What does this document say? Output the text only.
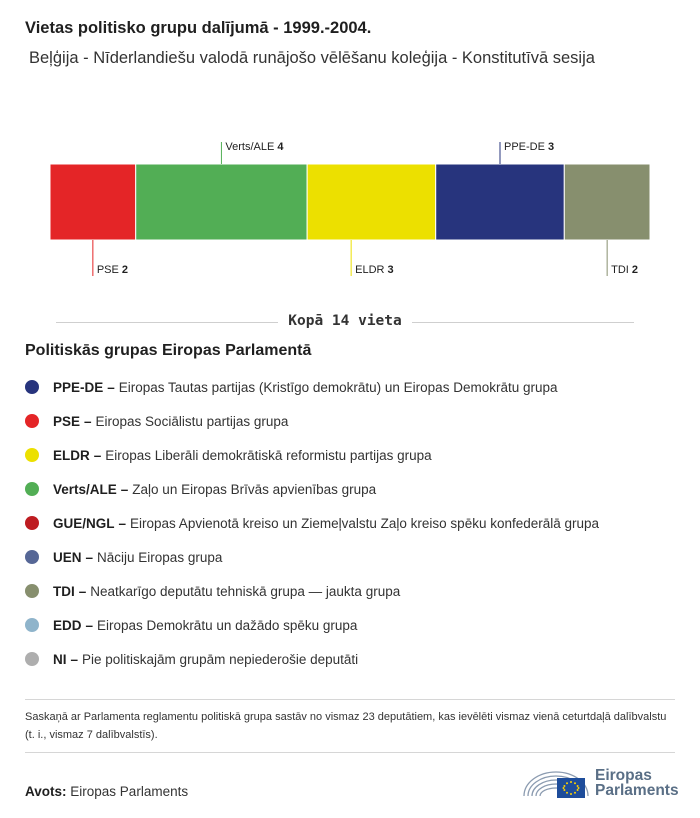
Vietas politisko grupu dalījumā - 1999.-2004.
Beļģija - Nīderlandiešu valodā runājošo vēlēšanu koleģija - Konstitutīvā sesija
PSE 2
Verts/ALE 4
ELDR 3
PPE-DE 3
TDI 2
Kopā 14 vieta
Politiskās grupas Eiropas Parlamentā
PPE-DE – Eiropas Tautas partijas (Kristīgo demokrātu) un Eiropas Demokrātu grupa
PSE – Eiropas Sociālistu partijas grupa
ELDR – Eiropas Liberāli demokrātiskā reformistu partijas grupa
Verts/ALE – Zaļo un Eiropas Brīvās apvienības grupa
GUE/NGL – Eiropas Apvienotā kreiso un Ziemeļvalstu Zaļo kreiso spēku konfederālā grupa
UEN – Nāciju Eiropas grupa
TDI – Neatkarīgo deputātu tehniskā grupa — jaukta grupa
EDD – Eiropas Demokrātu un dažādo spēku grupa
NI – Pie politiskajām grupām nepiederošie deputāti
Saskaņā ar Parlamenta reglamentu politiskā grupa sastāv no vismaz 23 deputātiem, kas ievēlēti vismaz vienā ceturtdaļā dalībvalstu (t. i., vismaz 7 dalībvalstīs).
Avots: Eiropas Parlaments
Eiropas
Parlaments
